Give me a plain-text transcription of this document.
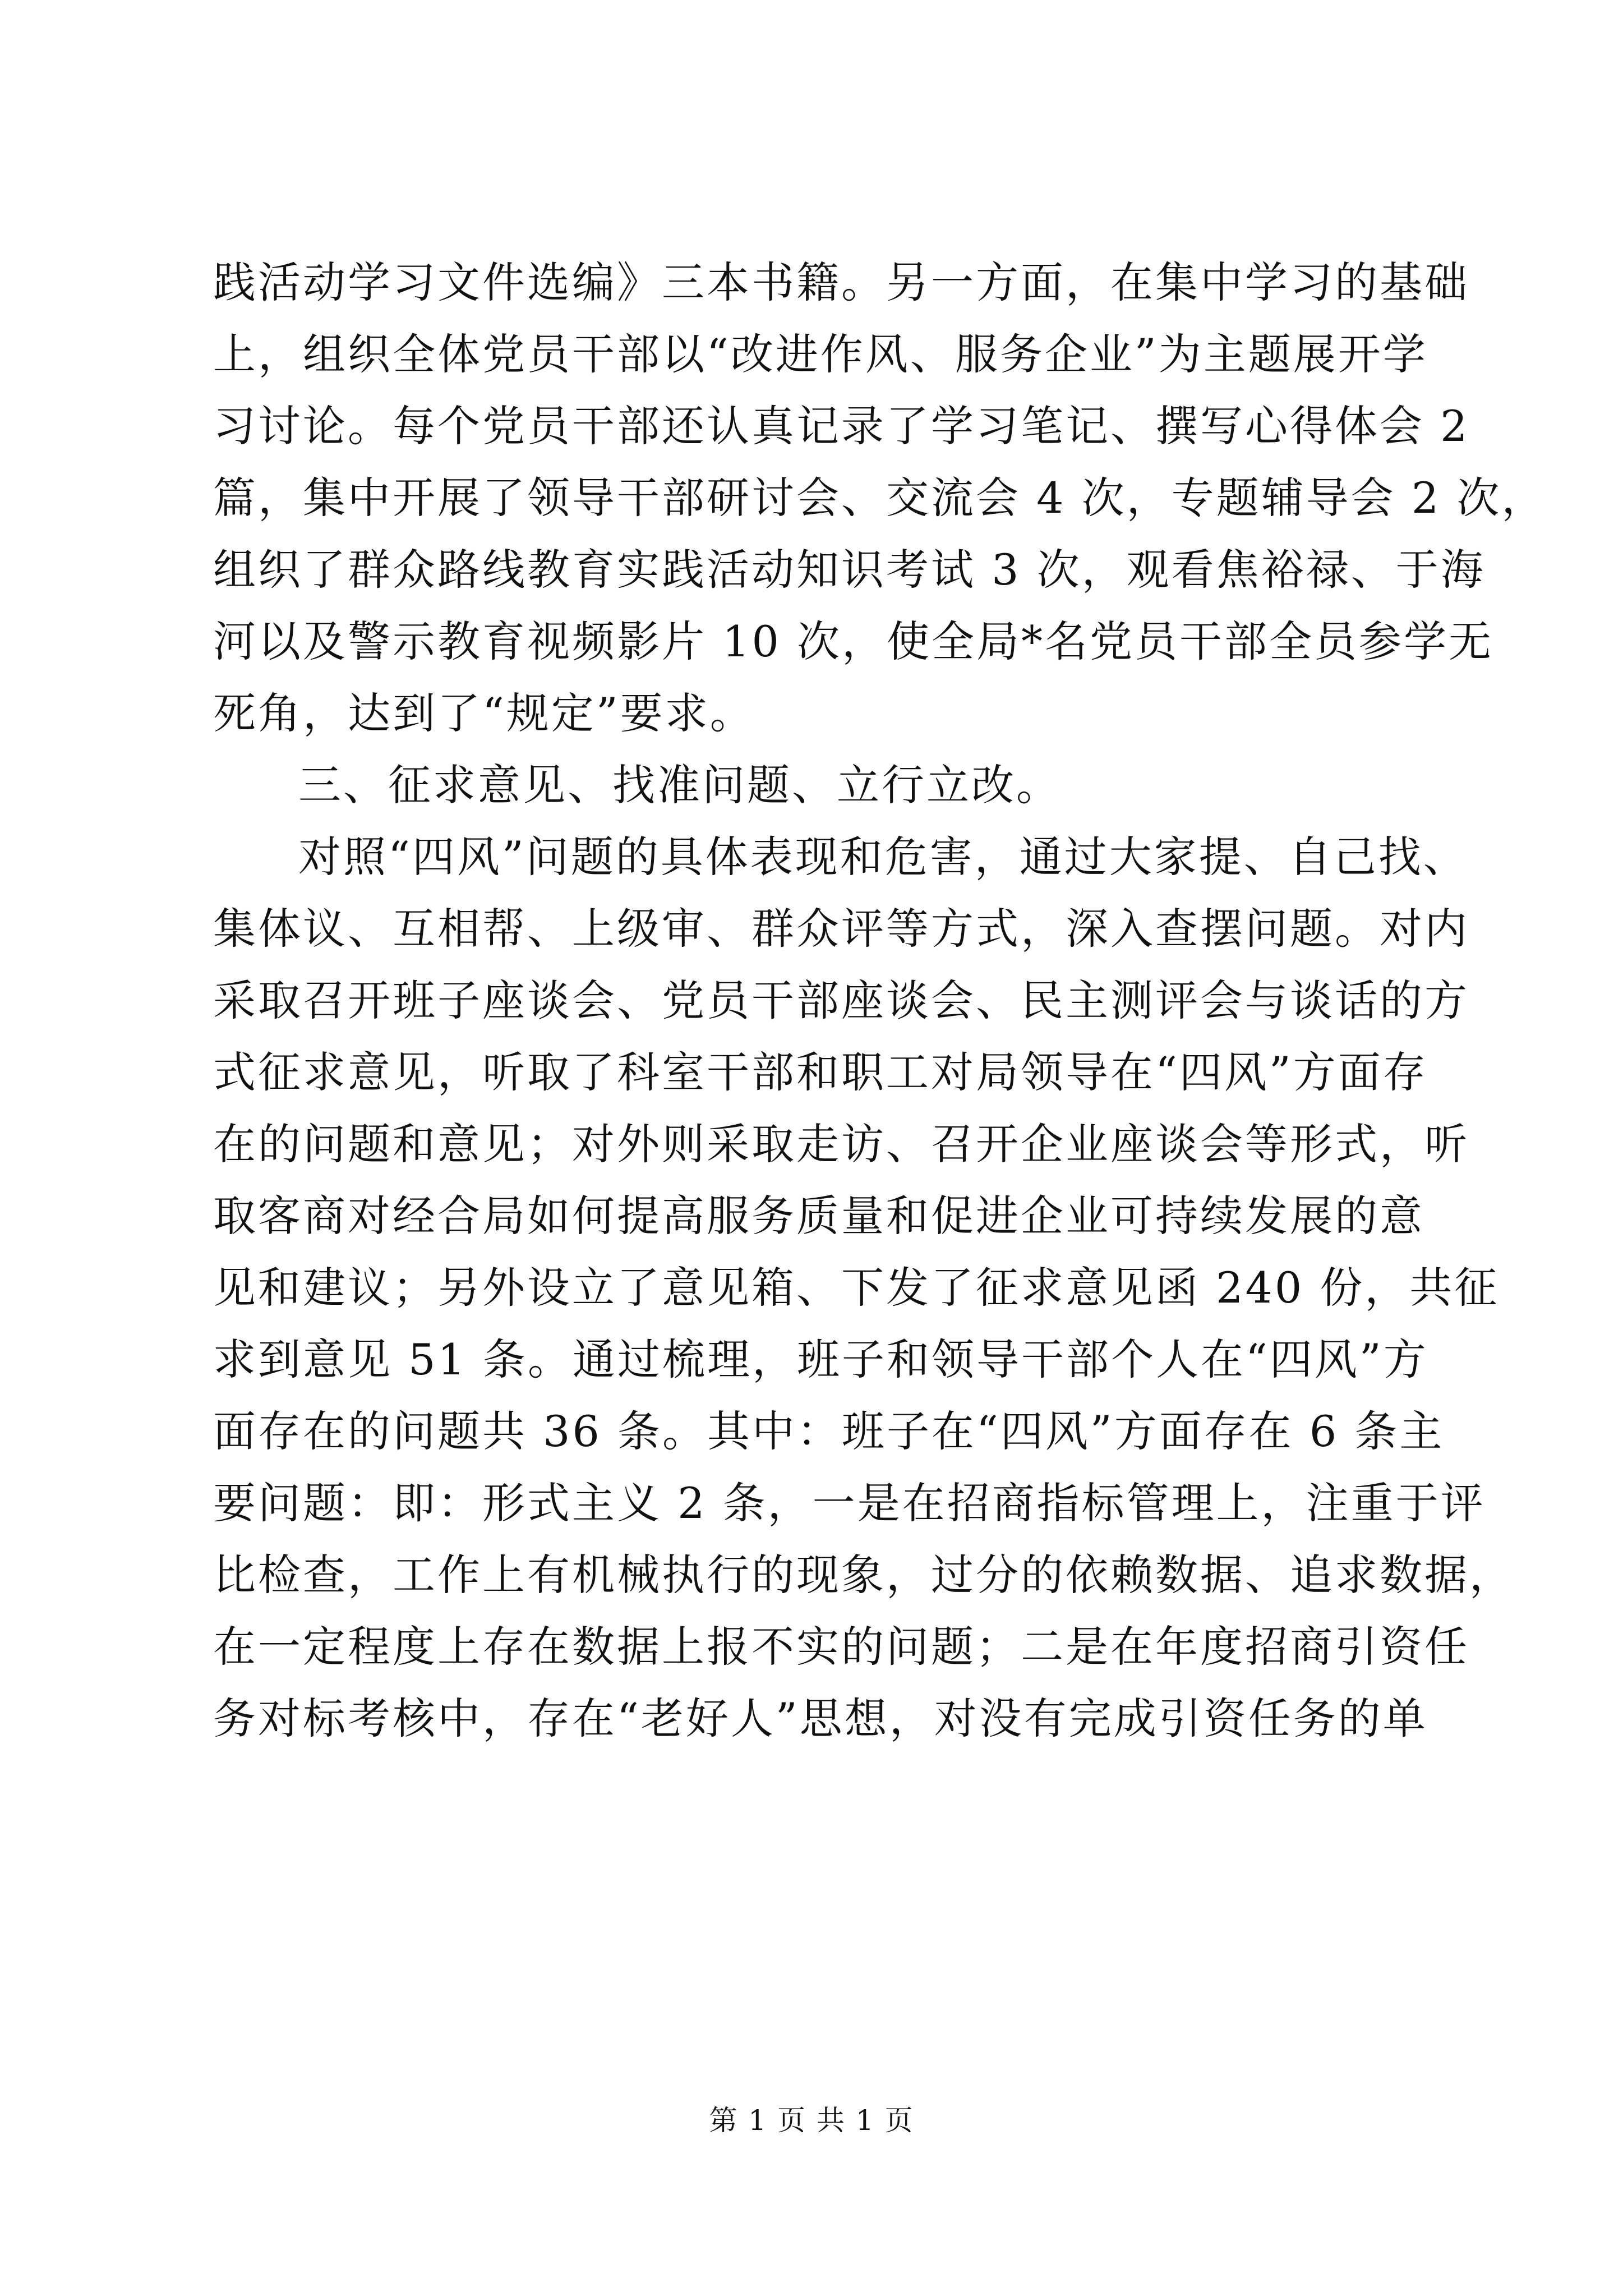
践活动学习文件选编》三本书籍。另一方面，在集中学习的基础
上，组织全体党员干部以“改进作风、服务企业”为主题展开学
习讨论。每个党员干部还认真记录了学习笔记、撰写心得体会 2
篇，集中开展了领导干部研讨会、交流会 4 次，专题辅导会 2 次，
组织了群众路线教育实践活动知识考试 3 次，观看焦裕禄、于海
河以及警示教育视频影片 10 次，使全局*名党员干部全员参学无
死角，达到了“规定”要求。
三、征求意见、找准问题、立行立改。
对照“四风”问题的具体表现和危害，通过大家提、自己找、
集体议、互相帮、上级审、群众评等方式，深入查摆问题。对内
采取召开班子座谈会、党员干部座谈会、民主测评会与谈话的方
式征求意见，听取了科室干部和职工对局领导在“四风”方面存
在的问题和意见；对外则采取走访、召开企业座谈会等形式，听
取客商对经合局如何提高服务质量和促进企业可持续发展的意
见和建议；另外设立了意见箱、下发了征求意见函 240 份，共征
求到意见 51 条。通过梳理，班子和领导干部个人在“四风”方
面存在的问题共 36 条。其中：班子在“四风”方面存在 6 条主
要问题：即：形式主义 2 条，一是在招商指标管理上，注重于评
比检查，工作上有机械执行的现象，过分的依赖数据、追求数据，
在一定程度上存在数据上报不实的问题；二是在年度招商引资任
务对标考核中，存在“老好人”思想，对没有完成引资任务的单
第 1 页 共 1 页
